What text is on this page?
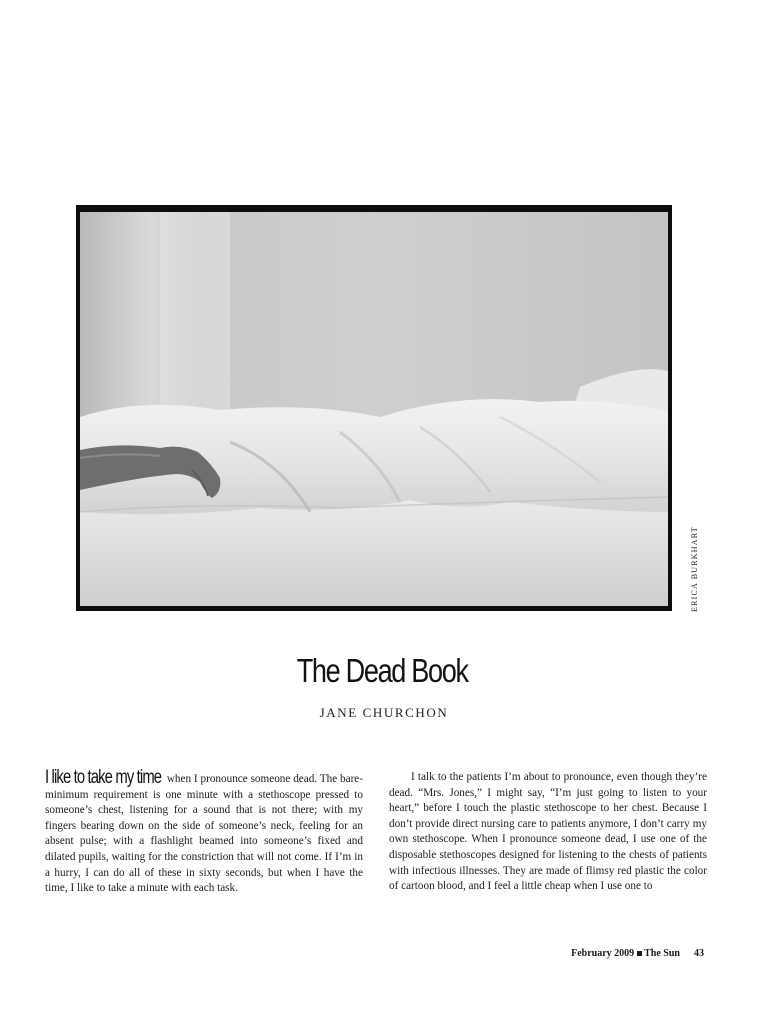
ERICA BURKHART
The Dead Book
JANE CHURCHON

I like to take my time when I pronounce someone dead. The bare-minimum requirement is one minute with a stethoscope pressed to someone’s chest, listening for a sound that is not there; with my fingers bearing down on the side of someone’s neck, feeling for an absent pulse; with a flashlight beamed into someone’s fixed and dilated pupils, waiting for the constriction that will not come. If I’m in a hurry, I can do all of these in sixty seconds, but when I have the time, I like to take a minute with each task.

I talk to the patients I’m about to pronounce, even though they’re dead. “Mrs. Jones,” I might say, “I’m just going to listen to your heart,” before I touch the plastic stethoscope to her chest. Because I don’t provide direct nursing care to patients anymore, I don’t carry my own stethoscope. When I pronounce someone dead, I use one of the disposable stethoscopes designed for listening to the chests of patients with infectious illnesses. They are made of flimsy red plastic the color of cartoon blood, and I feel a little cheap when I use one to

February 2009 The Sun 43
